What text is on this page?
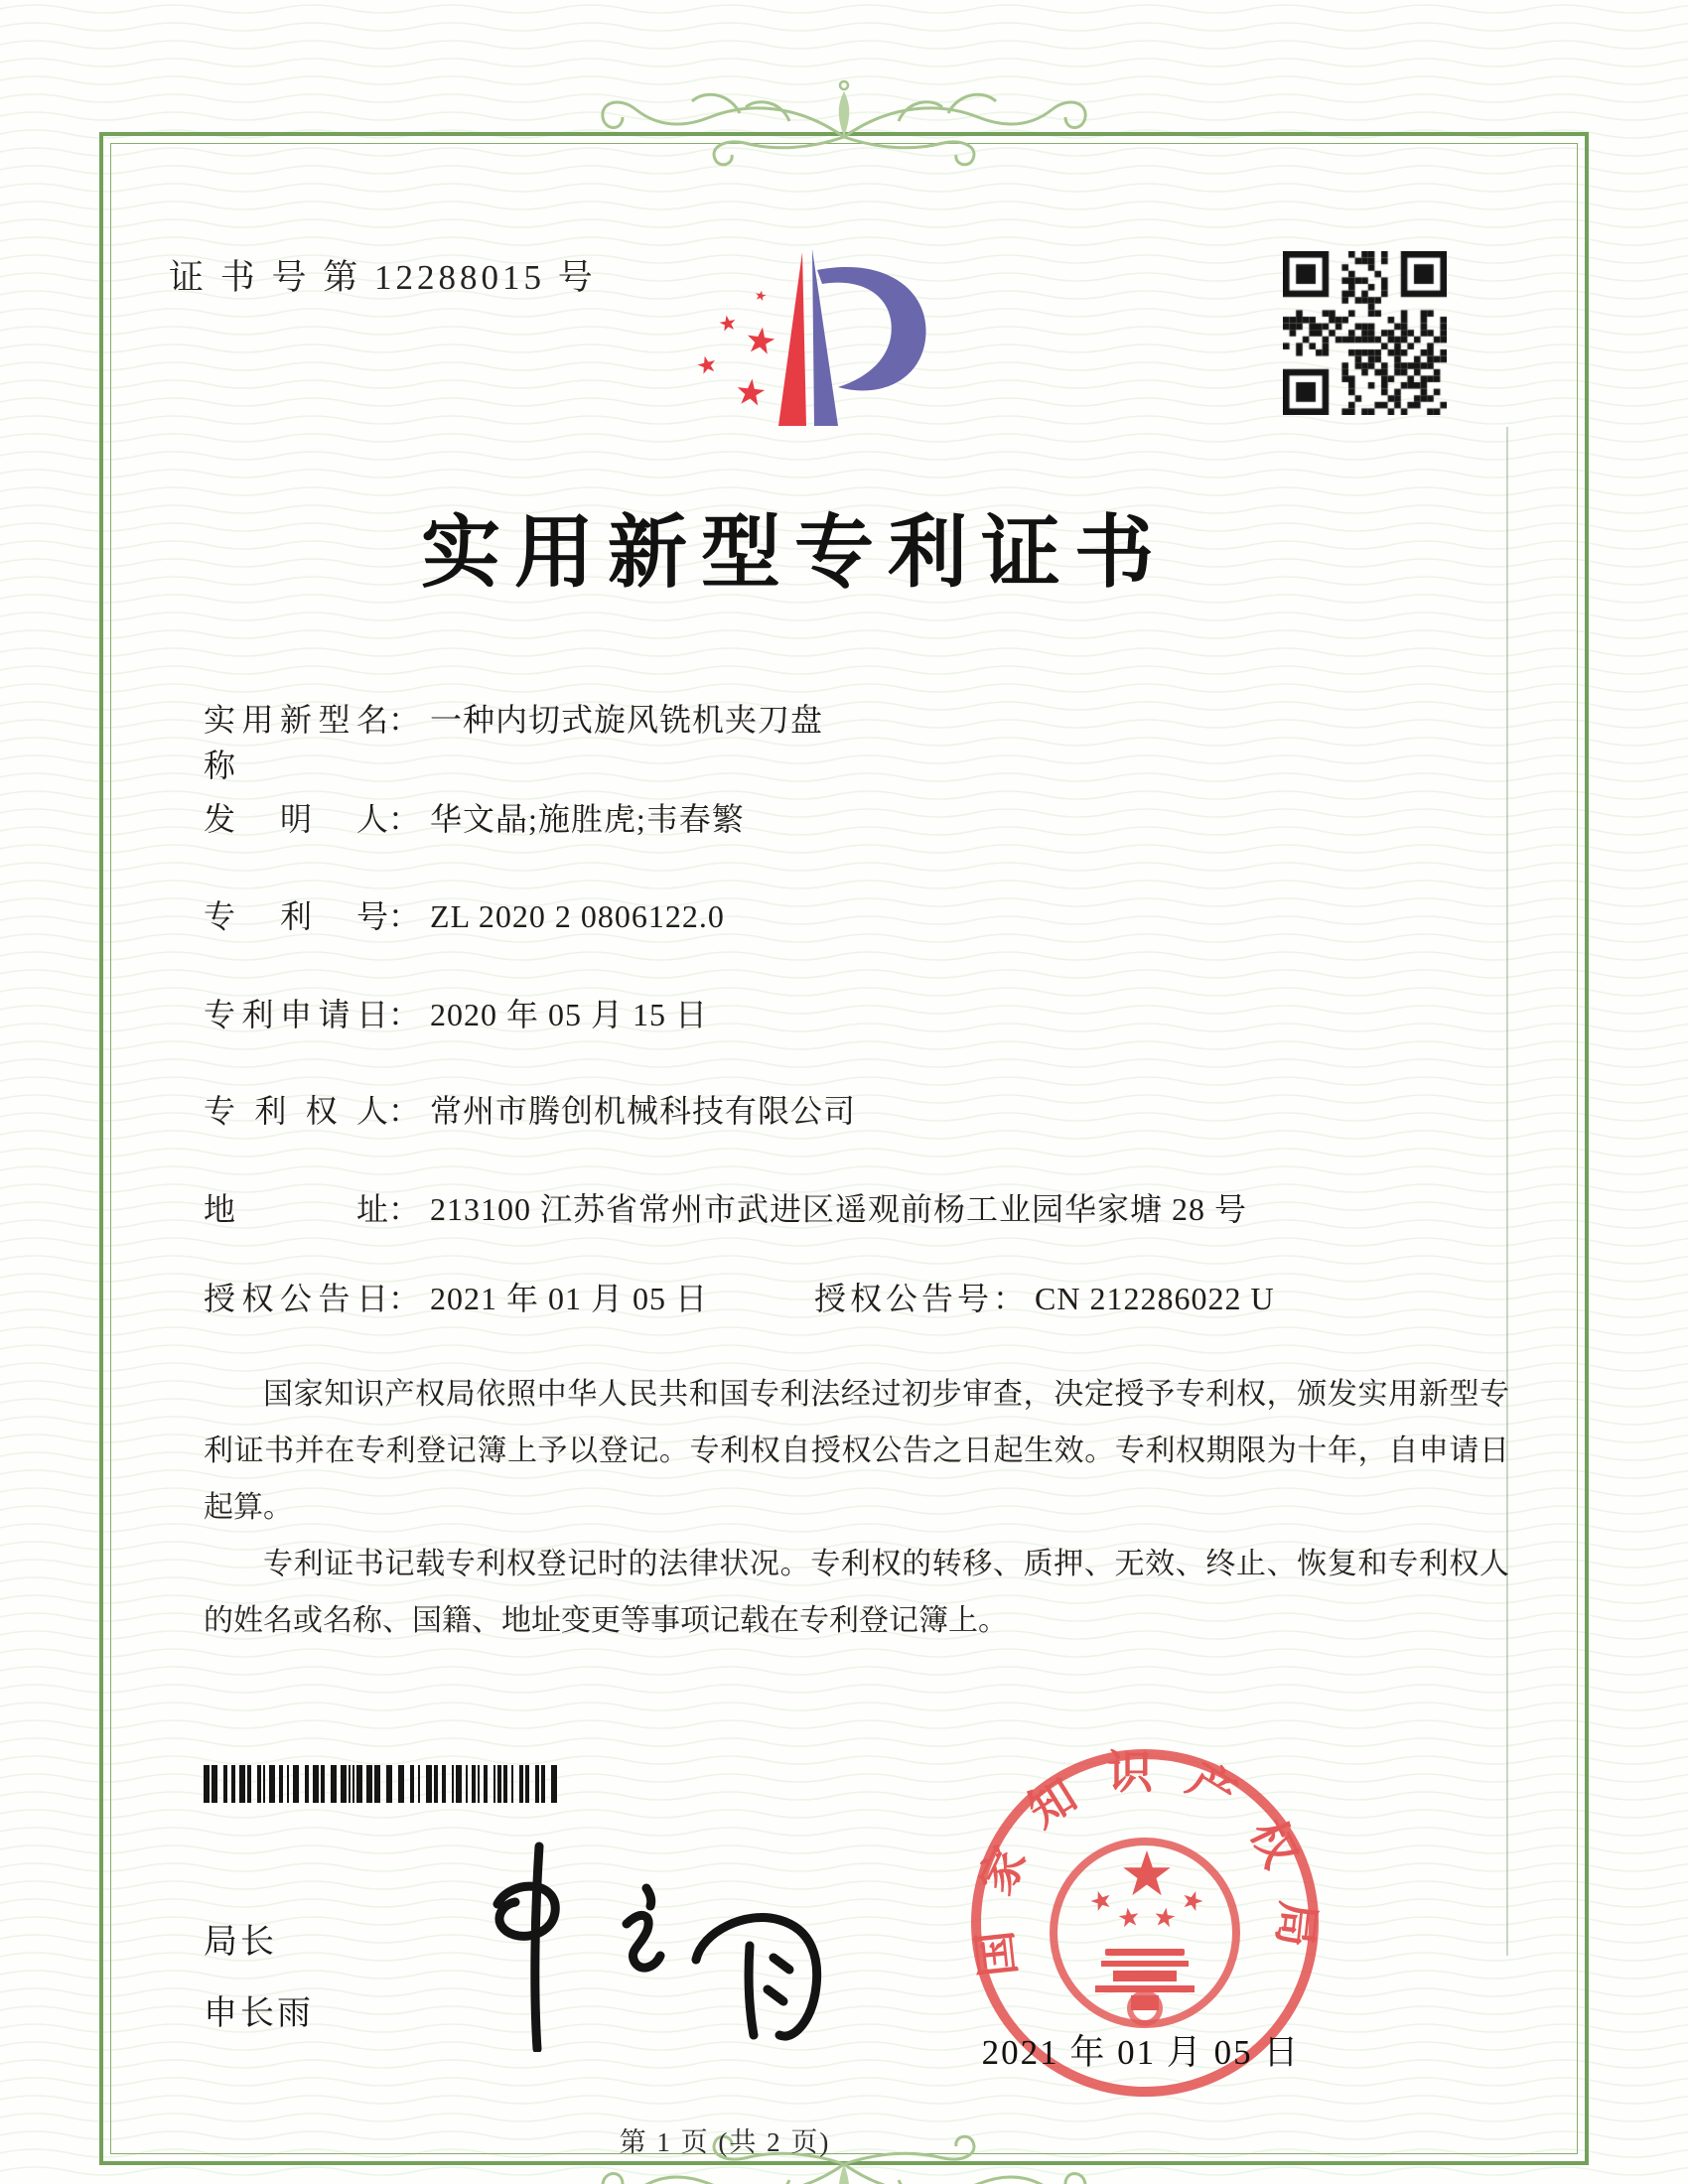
证 书 号 第 12288015 号
实用新型专利证书
实用新型名称： 一种内切式旋风铣机夹刀盘
发明人： 华文晶;施胜虎;韦春繁
专利号： ZL 2020 2 0806122.0
专利申请日： 2020 年 05 月 15 日
专利权人： 常州市腾创机械科技有限公司
地址： 213100 江苏省常州市武进区遥观前杨工业园华家塘 28 号
授权公告日： 2021 年 01 月 05 日	授权公告号： CN 212286022 U

国家知识产权局依照中华人民共和国专利法经过初步审查，决定授予专利权，颁发实用新型专利证书并在专利登记簿上予以登记。专利权自授权公告之日起生效。专利权期限为十年，自申请日起算。

专利证书记载专利权登记时的法律状况。专利权的转移、质押、无效、终止、恢复和专利权人的姓名或名称、国籍、地址变更等事项记载在专利登记簿上。

局长
申长雨
国家知识产权局
2021 年 01 月 05 日
第 1 页 (共 2 页)
